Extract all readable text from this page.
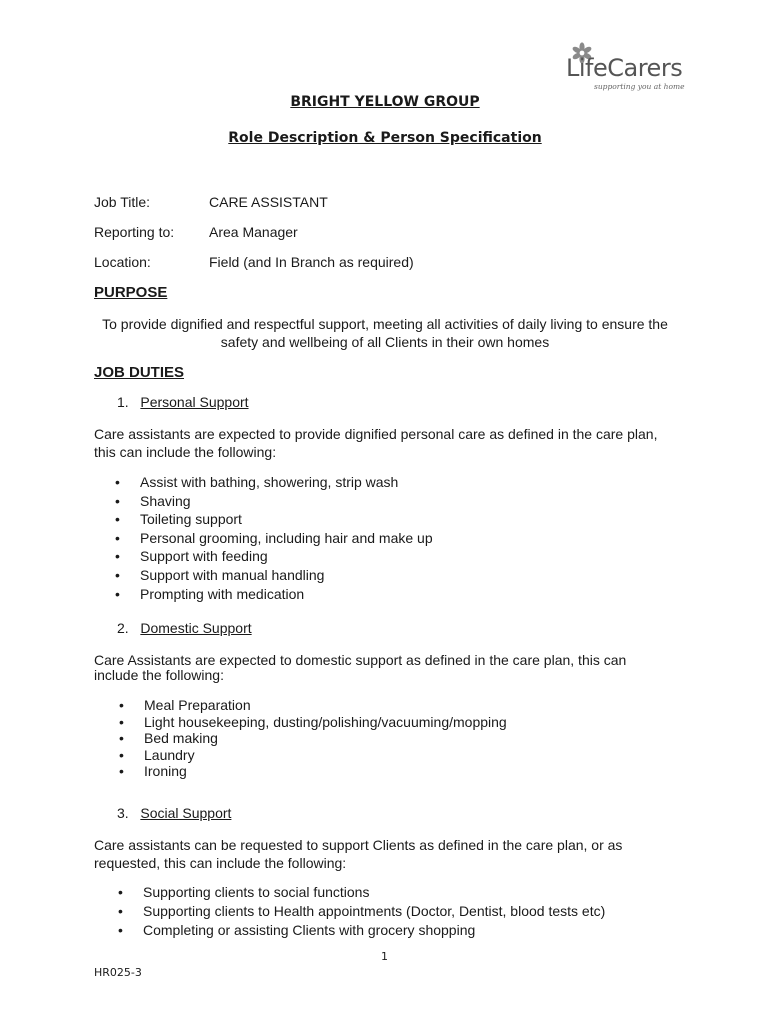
LifeCarers
supporting you at home
BRIGHT YELLOW GROUP
Role Description & Person Specification
Job Title:	CARE ASSISTANT
Reporting to: Area Manager
Location:	Field (and In Branch as required)
PURPOSE
To provide dignified and respectful support, meeting all activities of daily living to ensure the
safety and wellbeing of all Clients in their own homes
JOB DUTIES
1. Personal Support
Care assistants are expected to provide dignified personal care as defined in the care plan,
this can include the following:
• Assist with bathing, showering, strip wash
• Shaving
• Toileting support
• Personal grooming, including hair and make up
• Support with feeding
• Support with manual handling
• Prompting with medication
2. Domestic Support
Care Assistants are expected to domestic support as defined in the care plan, this can
include the following:
• Meal Preparation
• Light housekeeping, dusting/polishing/vacuuming/mopping
• Bed making
• Laundry
• Ironing
3. Social Support
Care assistants can be requested to support Clients as defined in the care plan, or as
requested, this can include the following:
• Supporting clients to social functions
• Supporting clients to Health appointments (Doctor, Dentist, blood tests etc)
• Completing or assisting Clients with grocery shopping
1
HR025-3
